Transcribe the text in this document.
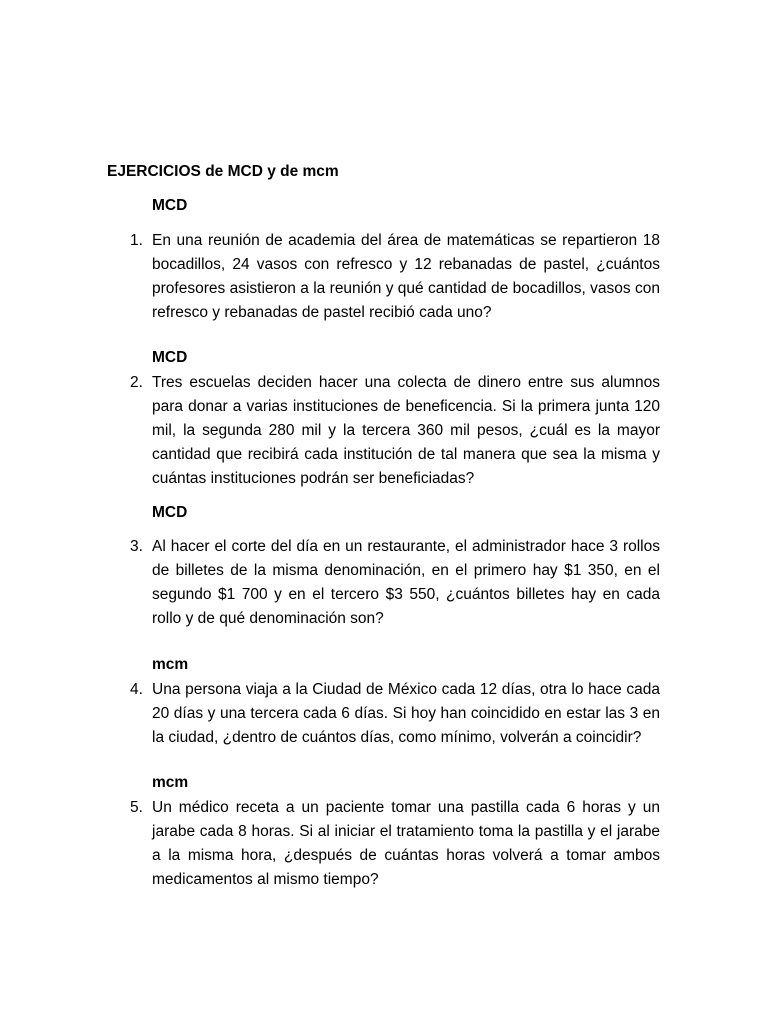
EJERCICIOS de MCD y de mcm
MCD
1. En una reunión de academia del área de matemáticas se repartieron 18 bocadillos, 24 vasos con refresco y 12 rebanadas de pastel, ¿cuántos profesores asistieron a la reunión y qué cantidad de bocadillos, vasos con refresco y rebanadas de pastel recibió cada uno?
MCD
2. Tres escuelas deciden hacer una colecta de dinero entre sus alumnos para donar a varias instituciones de beneficencia. Si la primera junta 120 mil, la segunda 280 mil y la tercera 360 mil pesos, ¿cuál es la mayor cantidad que recibirá cada institución de tal manera que sea la misma y cuántas instituciones podrán ser beneficiadas?
MCD
3. Al hacer el corte del día en un restaurante, el administrador hace 3 rollos de billetes de la misma denominación, en el primero hay $1 350, en el segundo $1 700 y en el tercero $3 550, ¿cuántos billetes hay en cada rollo y de qué denominación son?
mcm
4. Una persona viaja a la Ciudad de México cada 12 días, otra lo hace cada 20 días y una tercera cada 6 días. Si hoy han coincidido en estar las 3 en la ciudad, ¿dentro de cuántos días, como mínimo, volverán a coincidir?
mcm
5. Un médico receta a un paciente tomar una pastilla cada 6 horas y un jarabe cada 8 horas. Si al iniciar el tratamiento toma la pastilla y el jarabe a la misma hora, ¿después de cuántas horas volverá a tomar ambos medicamentos al mismo tiempo?
